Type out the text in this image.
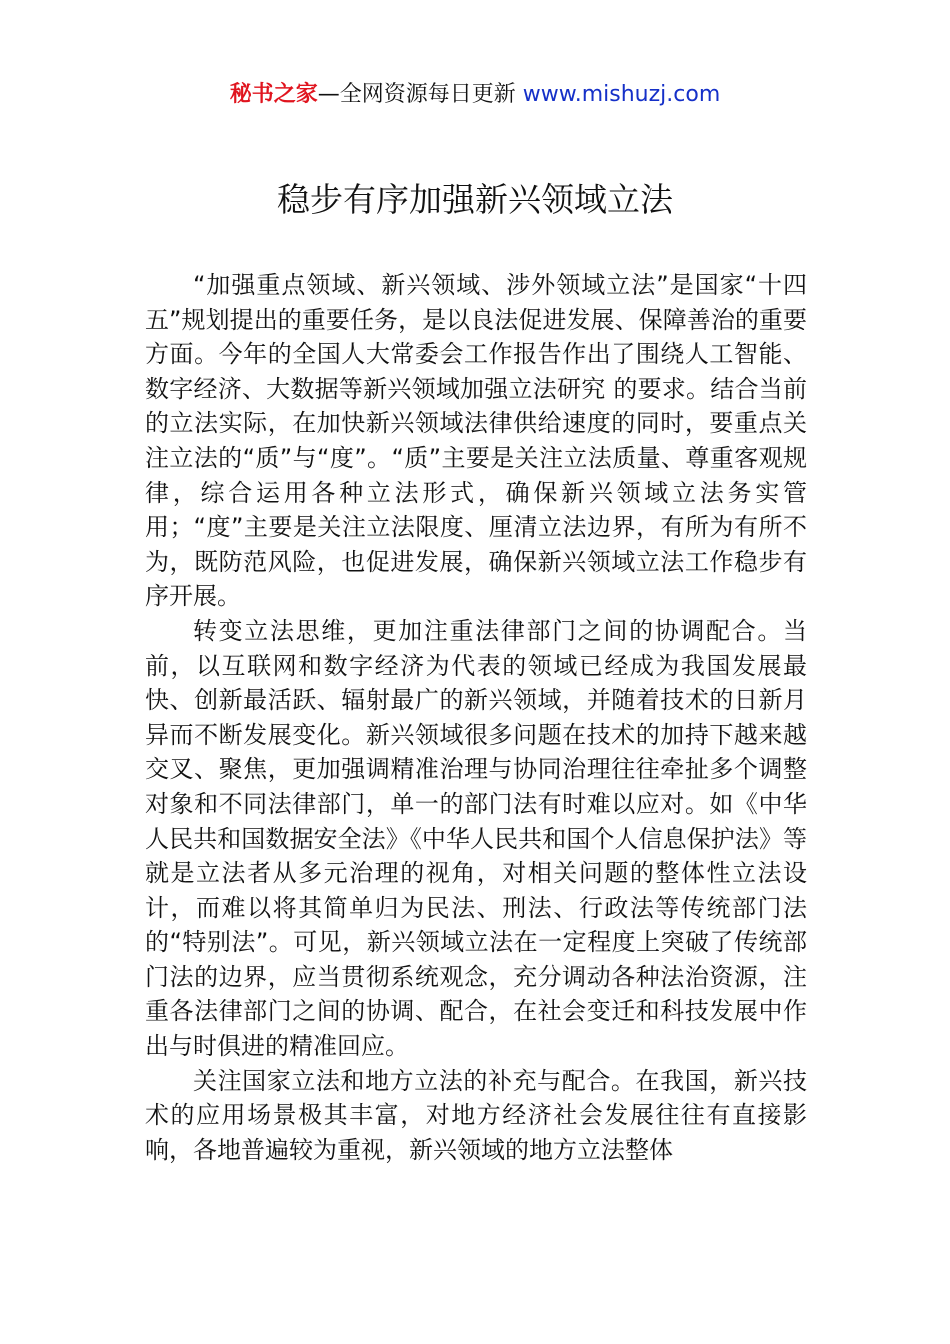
秘书之家—全网资源每日更新 www.mishuzj.com
稳步有序加强新兴领域立法

“加强重点领域、新兴领域、涉外领域立法”是国家“十四五”规划提出的重要任务，是以良法促进发展、保障善治的重要方面。今年的全国人大常委会工作报告作出了围绕人工智能、数字经济、大数据等新兴领域加强立法研究 的要求。结合当前的立法实际，在加快新兴领域法律供给速度的同时，要重点关注立法的“质”与“度”。“质”主要是关注立法质量、尊重客观规律，综合运用各种立法形式，确保新兴领域立法务实管用；“度”主要是关注立法限度、厘清立法边界，有所为有所不为，既防范风险，也促进发展，确保新兴领域立法工作稳步有序开展。

转变立法思维，更加注重法律部门之间的协调配合。当前，以互联网和数字经济为代表的领域已经成为我国发展最快、创新最活跃、辐射最广的新兴领域，并随着技术的日新月异而不断发展变化。新兴领域很多问题在技术的加持下越来越交叉、聚焦，更加强调精准治理与协同治理往往牵扯多个调整对象和不同法律部门，单一的部门法有时难以应对。如《中华人民共和国数据安全法》《中华人民共和国个人信息保护法》等就是立法者从多元治理的视角，对相关问题的整体性立法设计，而难以将其简单归为民法、刑法、行政法等传统部门法的“特别法”。可见，新兴领域立法在一定程度上突破了传统部门法的边界，应当贯彻系统观念，充分调动各种法治资源，注重各法律部门之间的协调、配合，在社会变迁和科技发展中作出与时俱进的精准回应。

关注国家立法和地方立法的补充与配合。在我国，新兴技术的应用场景极其丰富，对地方经济社会发展往往有直接影响，各地普遍较为重视，新兴领域的地方立法整体
